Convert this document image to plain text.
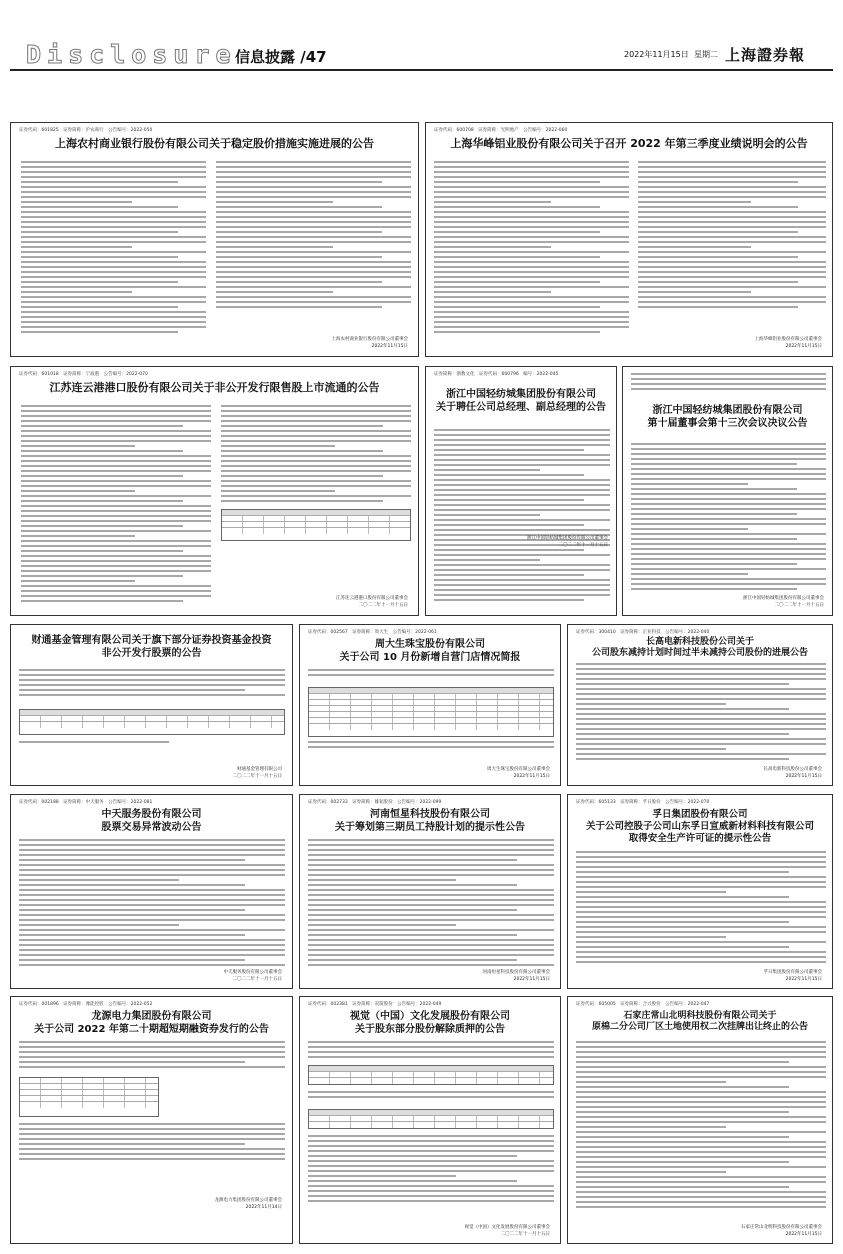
Disclosure
信息披露 /47	2022年11月15日 星期二 上海證券報
证券代码：601825　证券简称：沪农商行　公告编号：2022-050
上海农村商业银行股份有限公司关于稳定股价措施实施进展的公告
上海农村商业银行股份有限公司董事会
2022年11月15日
证券代码：600708　证券简称：光明地产　公告编号：2022-060
上海华峰铝业股份有限公司关于召开 2022 年第三季度业绩说明会的公告
上海华峰铝业股份有限公司董事会
2022年11月15日
证券代码：601018　证券简称：宁波港　公告编号：2022-070
江苏连云港港口股份有限公司关于非公开发行限售股上市流通的公告
江苏连云港港口股份有限公司董事会
二〇二二年十一月十五日
证券简称：浙数文化　证券代码：600796　编号：2022-045
浙江中国轻纺城集团股份有限公司
关于聘任公司总经理、副总经理的公告
浙江中国轻纺城集团股份有限公司董事会
二〇二二年十一月十五日
浙江中国轻纺城集团股份有限公司
第十届董事会第十三次会议决议公告
浙江中国轻纺城集团股份有限公司董事会
二〇二二年十一月十五日
财通基金管理有限公司关于旗下部分证券投资基金投资
非公开发行股票的公告
财通基金管理有限公司
二〇二二年十一月十五日
证券代码：002567　证券简称：周大生　公告编号：2022-061
周大生珠宝股份有限公司
关于公司 10 月份新增自营门店情况简报
周大生珠宝股份有限公司董事会
2022年11月15日
证券代码：300410　证券简称：正业科技　公告编号：2022-040
长高电新科技股份公司关于
公司股东减持计划时间过半未减持公司股份的进展公告
长高电新科技股份公司董事会
2022年11月15日
证券代码：002188　证券简称：中天服务　公告编号：2022-081
中天服务股份有限公司
股票交易异常波动公告
中天服务股份有限公司董事会
二〇二二年十一月十五日
证券代码：002733　证券简称：雄韬股份　公告编号：2022-099
河南恒星科技股份有限公司
关于筹划第三期员工持股计划的提示性公告
河南恒星科技股份有限公司董事会
2022年11月15日
证券代码：605133　证券简称：孚日股份　公告编号：2022-070
孚日集团股份有限公司
关于公司控股子公司山东孚日宣威新材料科技有限公司
取得安全生产许可证的提示性公告
孚日集团股份有限公司董事会
2022年11月15日
证券代码：001896　证券简称：豫能控股　公告编号：2022-052
龙源电力集团股份有限公司
关于公司 2022 年第二十期超短期融资券发行的公告
龙源电力集团股份有限公司董事会
2022年11月14日
证券代码：002381　证券简称：双箭股份　公告编号：2022-049
视觉（中国）文化发展股份有限公司
关于股东部分股份解除质押的公告
视觉（中国）文化发展股份有限公司董事会
二〇二二年十一月十五日
证券代码：605005　证券简称：合兴股份　公告编号：2022-047
石家庄常山北明科技股份有限公司关于
原棉二分公司厂区土地使用权二次挂牌出让终止的公告
石家庄常山北明科技股份有限公司董事会
2022年11月15日
